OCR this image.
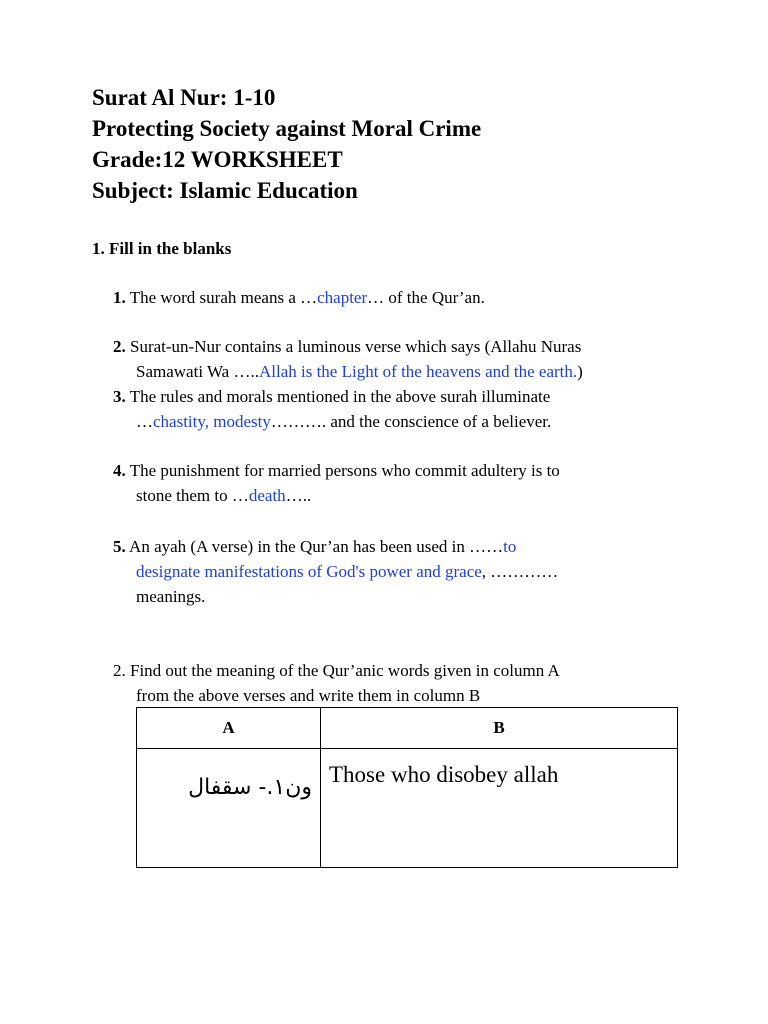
Surat Al Nur: 1-10
Protecting Society against Moral Crime
Grade:12 WORKSHEET
Subject: Islamic Education
1. Fill in the blanks
1. The word surah means a …chapter… of the Qur’an.
2. Surat-un-Nur contains a luminous verse which says (Allahu Nuras
Samawati Wa …..Allah is the Light of the heavens and the earth.)
3. The rules and morals mentioned in the above surah illuminate
…chastity, modesty………. and the conscience of a believer.
4. The punishment for married persons who commit adultery is to
stone them to …death…..
5. An ayah (A verse) in the Qur’an has been used in ……to
designate manifestations of God's power and grace, …………
meanings.
2. Find out the meaning of the Qur’anic words given in column A
from the above verses and write them in column B
A	B

ون١.- سقفال	Those who disobey allah
